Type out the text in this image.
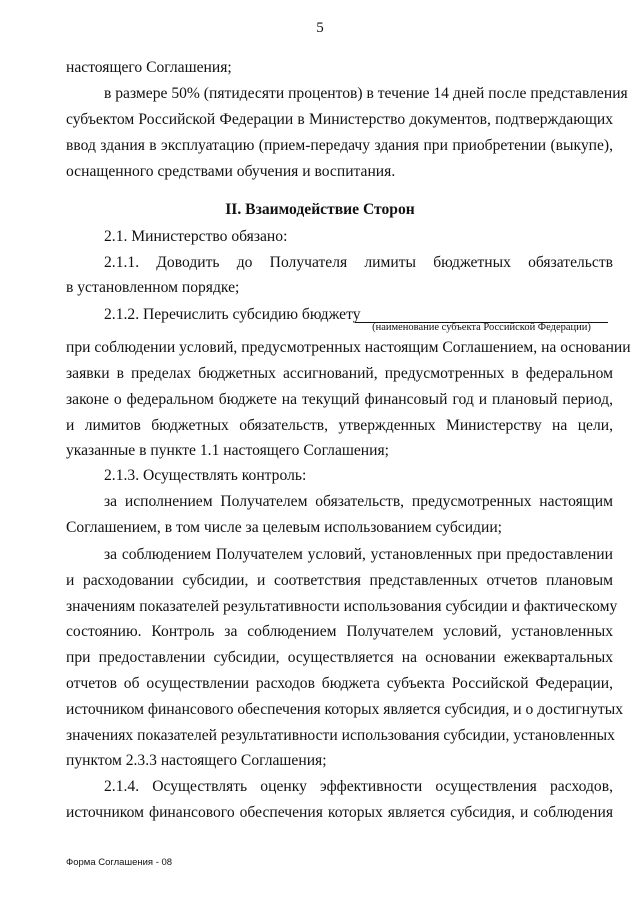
5
настоящего Соглашения;
в размере 50% (пятидесяти процентов) в течение 14 дней после представления
субъектом Российской Федерации в Министерство документов, подтверждающих
ввод здания в эксплуатацию (прием-передачу здания при приобретении (выкупе),
оснащенного средствами обучения и воспитания.
II. Взаимодействие Сторон
2.1. Министерство обязано:
2.1.1. Доводить до Получателя лимиты бюджетных обязательств
в установленном порядке;
2.1.2. Перечислить субсидию бюджету
(наименование субъекта Российской Федерации)
при соблюдении условий, предусмотренных настоящим Соглашением, на основании
заявки в пределах бюджетных ассигнований, предусмотренных в федеральном
законе о федеральном бюджете на текущий финансовый год и плановый период,
и лимитов бюджетных обязательств, утвержденных Министерству на цели,
указанные в пункте 1.1 настоящего Соглашения;
2.1.3. Осуществлять контроль:
за исполнением Получателем обязательств, предусмотренных настоящим
Соглашением, в том числе за целевым использованием субсидии;
за соблюдением Получателем условий, установленных при предоставлении
и расходовании субсидии, и соответствия представленных отчетов плановым
значениям показателей результативности использования субсидии и фактическому
состоянию. Контроль за соблюдением Получателем условий, установленных
при предоставлении субсидии, осуществляется на основании ежеквартальных
отчетов об осуществлении расходов бюджета субъекта Российской Федерации,
источником финансового обеспечения которых является субсидия, и о достигнутых
значениях показателей результативности использования субсидии, установленных
пунктом 2.3.3 настоящего Соглашения;
2.1.4. Осуществлять оценку эффективности осуществления расходов,
источником финансового обеспечения которых является субсидия, и соблюдения
Форма Соглашения - 08
